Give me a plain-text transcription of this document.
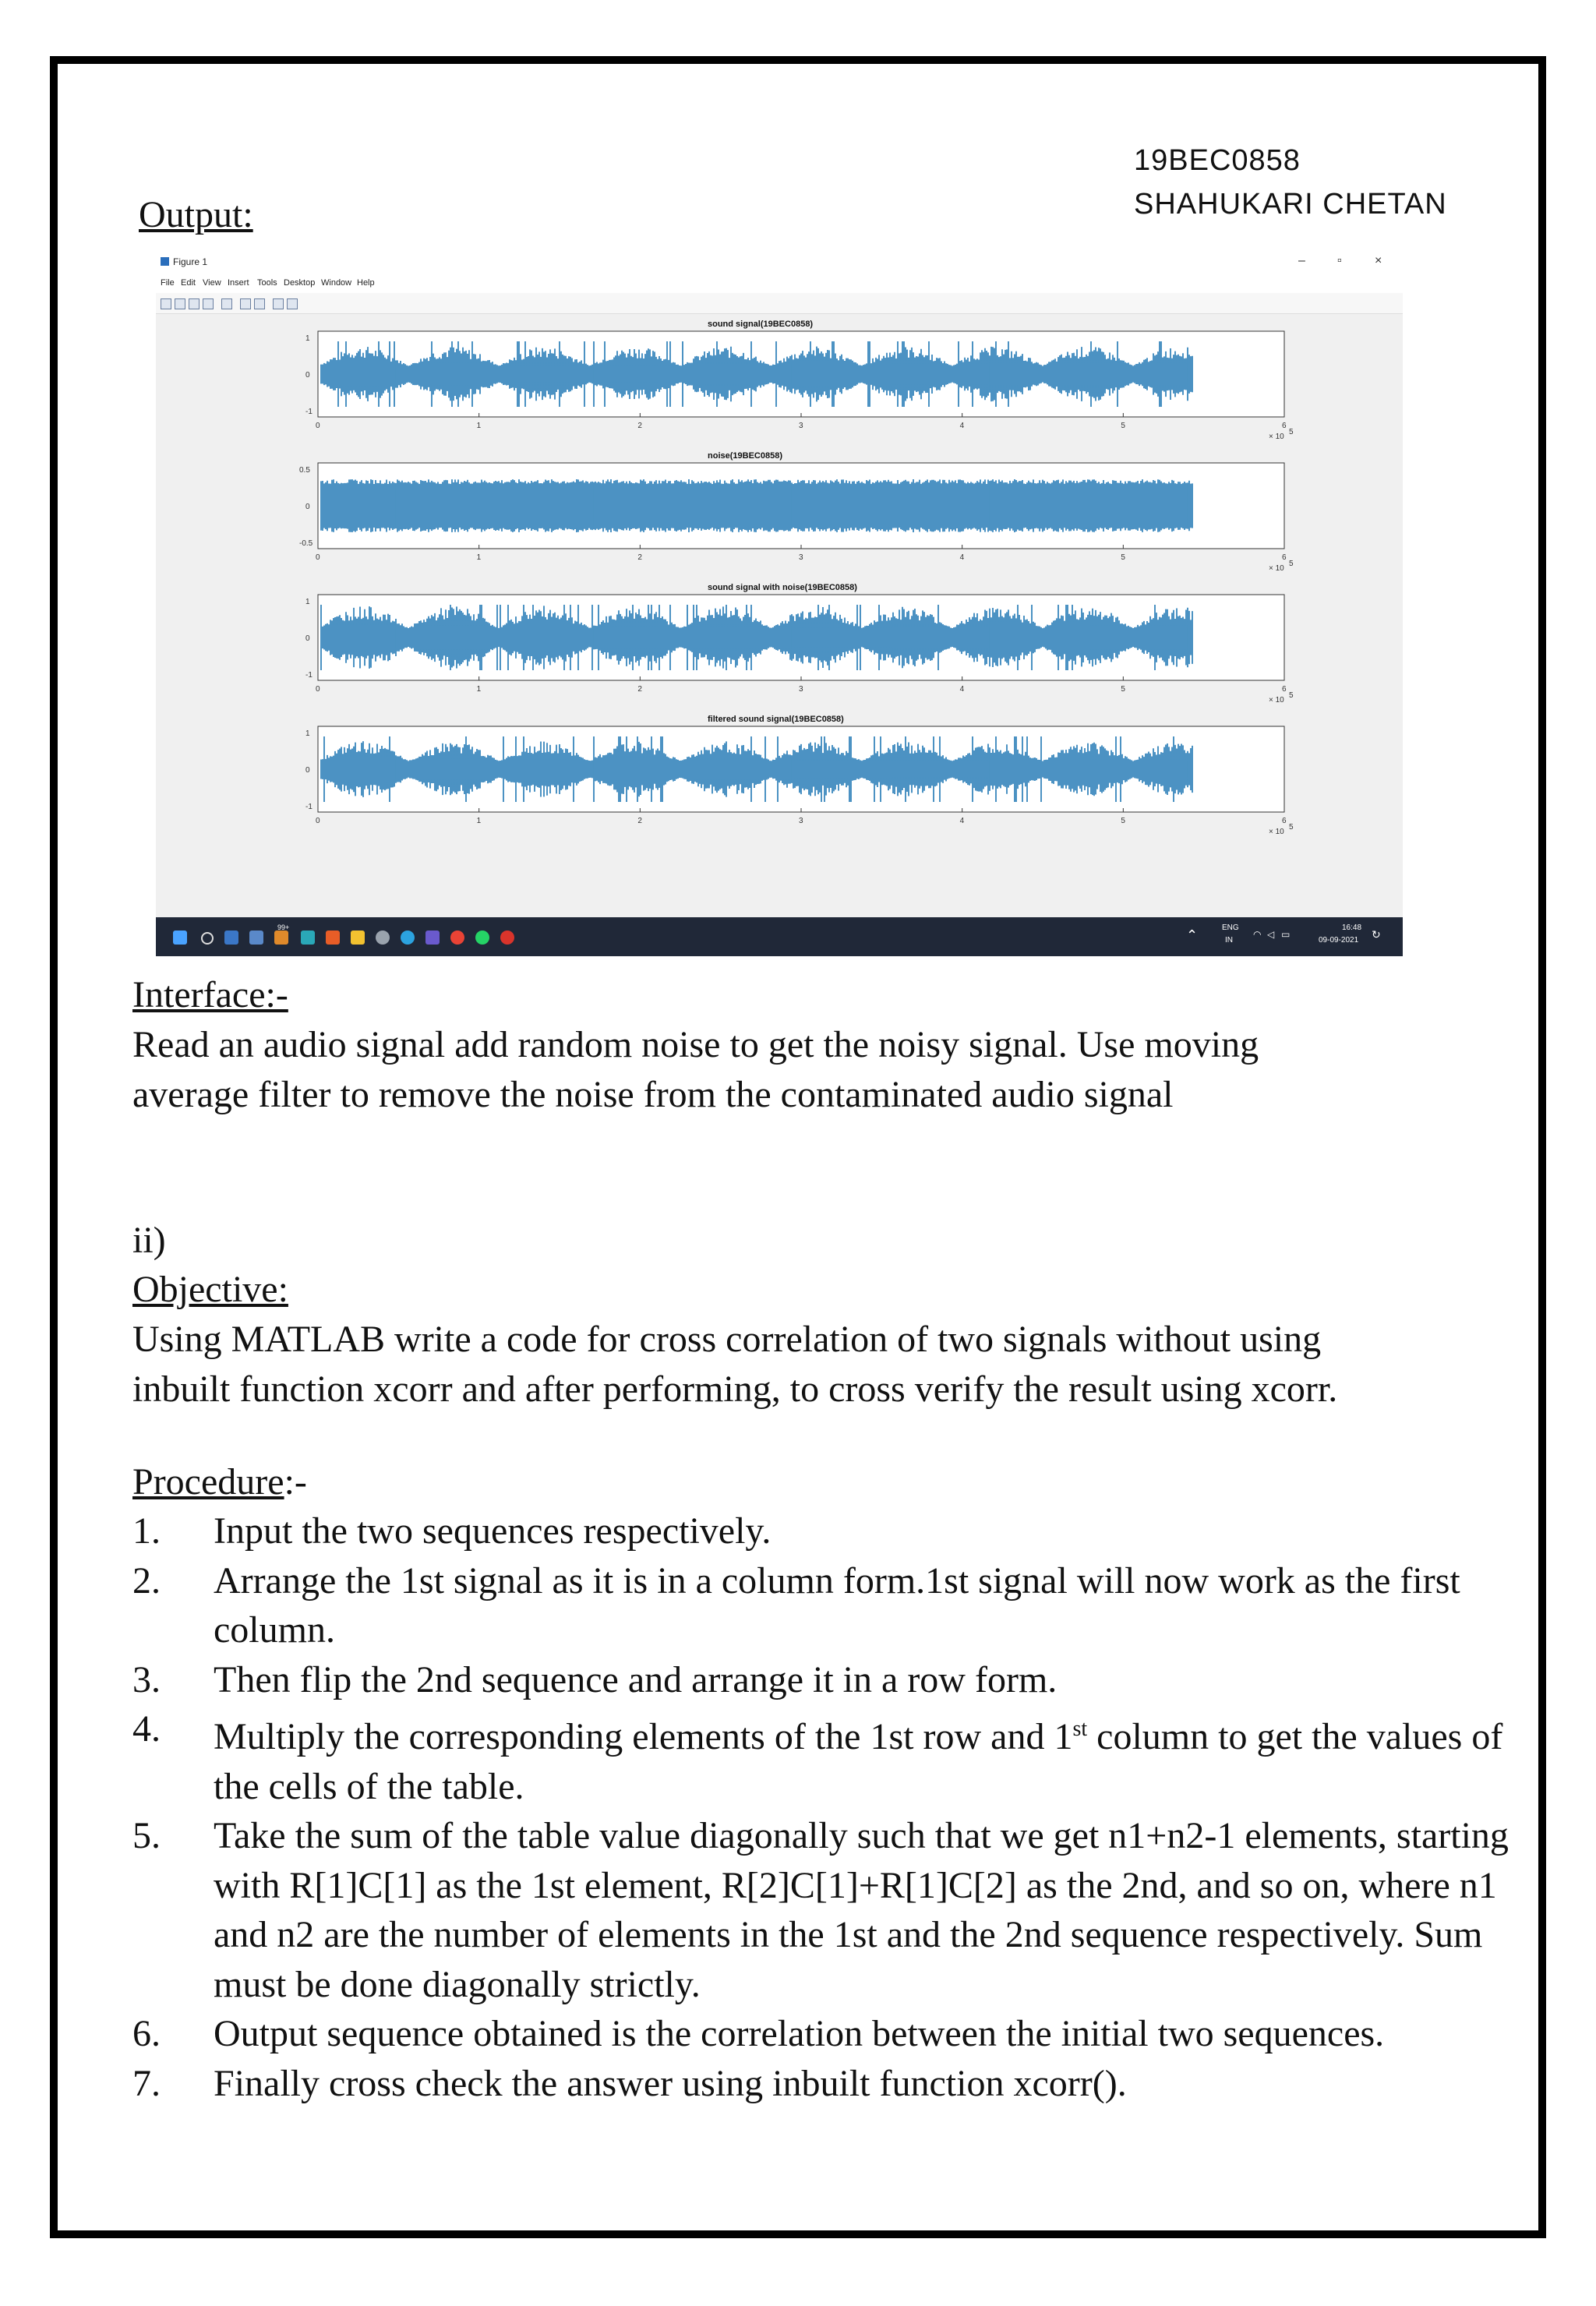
19BEC0858
SHAHUKARI CHETAN
Output:
Figure 1	–	▫	×
File Edit View Insert Tools Desktop Window Help
sound signal(19BEC0858)
1
0
-1
0	1	2	3	4	5	6
× 10
5
noise(19BEC0858)
0.5
0
-0.5
0	1	2	3	4	5	6
× 10
5
sound signal with noise(19BEC0858)
1
0
-1
0	1	2	3	4	5	6
× 10
5
filtered sound signal(19BEC0858)
1
0
-1
0	1	2	3	4	5	6
× 10
5
99+	⌃	ENG
IN
◠ ◁ ▭
16:48
09-09-2021 ↻
Interface:-
Read an audio signal add random noise to get the noisy signal. Use moving
average filter to remove the noise from the contaminated audio signal
ii)
Objective:
Using MATLAB write a code for cross correlation of two signals without using
inbuilt function xcorr and after performing, to cross verify the result using xcorr.
Procedure:-
1. Input the two sequences respectively.
2. Arrange the 1st signal as it is in a column form.1st signal will now work as the first column.
3. Then flip the 2nd sequence and arrange it in a row form.
4. Multiply the corresponding elements of the 1st row and 1st column to get the values of the cells of the table.
5. Take the sum of the table value diagonally such that we get n1+n2-1 elements, starting with R[1]C[1] as the 1st element, R[2]C[1]+R[1]C[2] as the 2nd, and so on, where n1 and n2 are the number of elements in the 1st and the 2nd sequence respectively. Sum must be done diagonally strictly.
6. Output sequence obtained is the correlation between the initial two sequences.
7. Finally cross check the answer using inbuilt function xcorr().
